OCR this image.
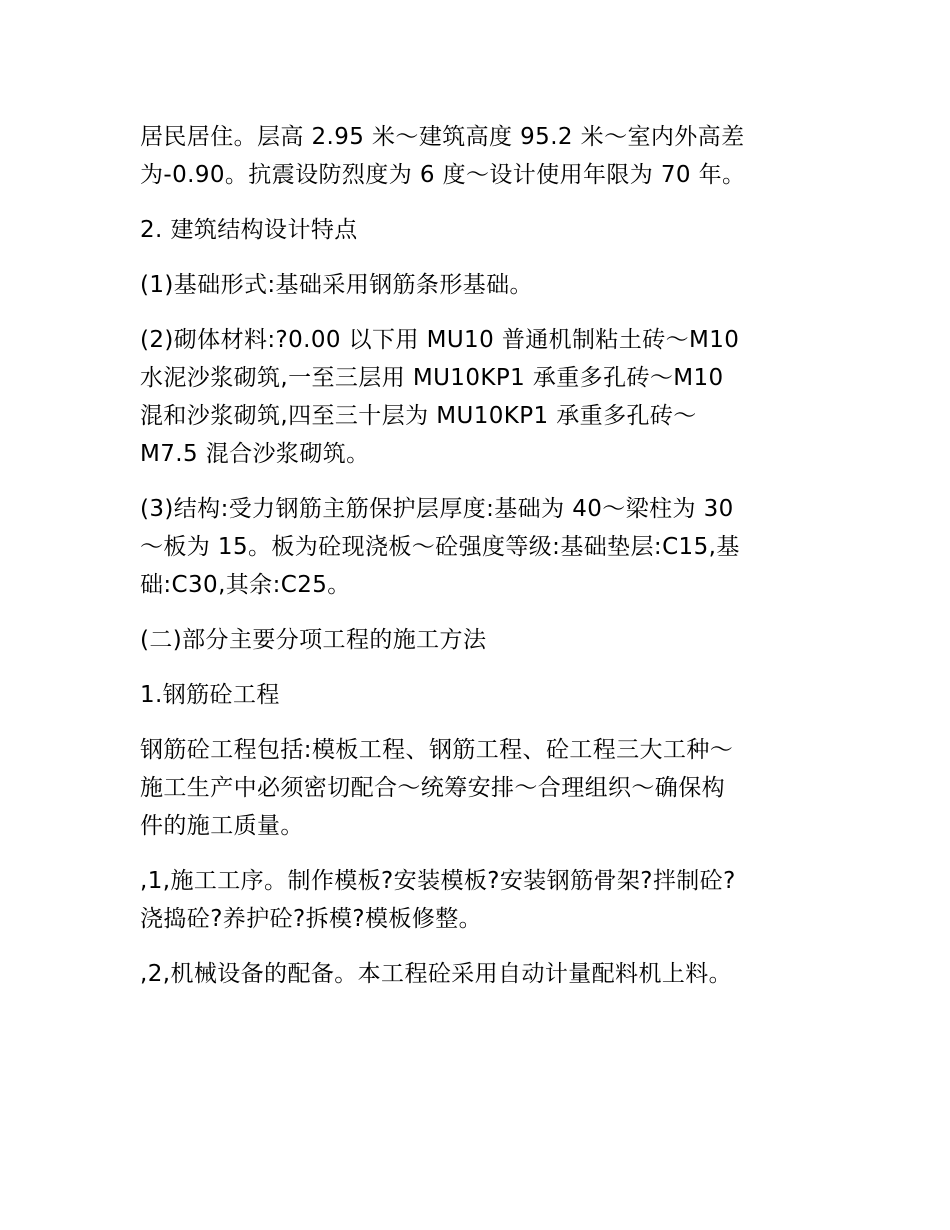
居民居住。层高 2.95 米～建筑高度 95.2 米～室内外高差
为-0.90。抗震设防烈度为 6 度～设计使用年限为 70 年。

2. 建筑结构设计特点

(1)基础形式:基础采用钢筋条形基础。

(2)砌体材料:?0.00 以下用 MU10 普通机制粘土砖～M10
水泥沙浆砌筑,一至三层用 MU10KP1 承重多孔砖～M10
混和沙浆砌筑,四至三十层为 MU10KP1 承重多孔砖～
M7.5 混合沙浆砌筑。

(3)结构:受力钢筋主筋保护层厚度:基础为 40～梁柱为 30
～板为 15。板为砼现浇板～砼强度等级:基础垫层:C15,基
础:C30,其余:C25。

(二)部分主要分项工程的施工方法

1.钢筋砼工程

钢筋砼工程包括:模板工程、钢筋工程、砼工程三大工种～
施工生产中必须密切配合～统筹安排～合理组织～确保构
件的施工质量。

,1,施工工序。制作模板?安装模板?安装钢筋骨架?拌制砼?
浇捣砼?养护砼?拆模?模板修整。

,2,机械设备的配备。本工程砼采用自动计量配料机上料。
